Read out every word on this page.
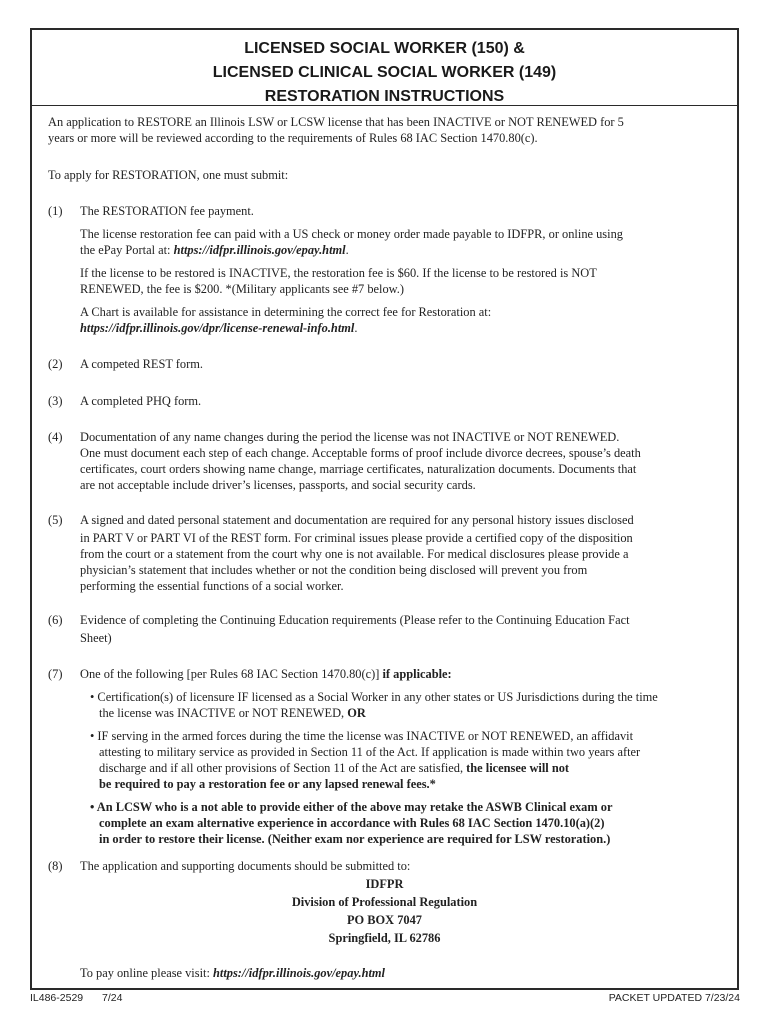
LICENSED SOCIAL WORKER (150) &
LICENSED CLINICAL SOCIAL WORKER (149)
RESTORATION INSTRUCTIONS
An application to RESTORE an Illinois LSW or LCSW license that has been INACTIVE or NOT RENEWED for 5
years or more will be reviewed according to the requirements of Rules 68 IAC Section 1470.80(c).
To apply for RESTORATION, one must submit:
(1) The RESTORATION fee payment.
The license restoration fee can paid with a US check or money order made payable to IDFPR, or online using
the ePay Portal at: https://idfpr.illinois.gov/epay.html.
If the license to be restored is INACTIVE, the restoration fee is $60. If the license to be restored is NOT
RENEWED, the fee is $200. *(Military applicants see #7 below.)
A Chart is available for assistance in determining the correct fee for Restoration at:
https://idfpr.illinois.gov/dpr/license-renewal-info.html.
(2) A competed REST form.
(3) A completed PHQ form.
(4) Documentation of any name changes during the period the license was not INACTIVE or NOT RENEWED.
One must document each step of each change. Acceptable forms of proof include divorce decrees, spouse’s death
certificates, court orders showing name change, marriage certificates, naturalization documents. Documents that
are not acceptable include driver’s licenses, passports, and social security cards.
(5) A signed and dated personal statement and documentation are required for any personal history issues disclosed
in PART V or PART VI of the REST form. For criminal issues please provide a certified copy of the disposition
from the court or a statement from the court why one is not available. For medical disclosures please provide a
physician’s statement that includes whether or not the condition being disclosed will prevent you from
performing the essential functions of a social worker.
(6) Evidence of completing the Continuing Education requirements (Please refer to the Continuing Education Fact
Sheet)
(7) One of the following [per Rules 68 IAC Section 1470.80(c)] if applicable:
• Certification(s) of licensure IF licensed as a Social Worker in any other states or US Jurisdictions during the time
the license was INACTIVE or NOT RENEWED, OR
• IF serving in the armed forces during the time the license was INACTIVE or NOT RENEWED, an affidavit
attesting to military service as provided in Section 11 of the Act. If application is made within two years after
discharge and if all other provisions of Section 11 of the Act are satisfied, the licensee will not
be required to pay a restoration fee or any lapsed renewal fees.*
• An LCSW who is a not able to provide either of the above may retake the ASWB Clinical exam or
complete an exam alternative experience in accordance with Rules 68 IAC Section 1470.10(a)(2)
in order to restore their license. (Neither exam nor experience are required for LSW restoration.)
(8) The application and supporting documents should be submitted to:
IDFPR
Division of Professional Regulation
PO BOX 7047
Springfield, IL 62786
To pay online please visit: https://idfpr.illinois.gov/epay.html
IL486-2529 7/24	PACKET UPDATED 7/23/24
